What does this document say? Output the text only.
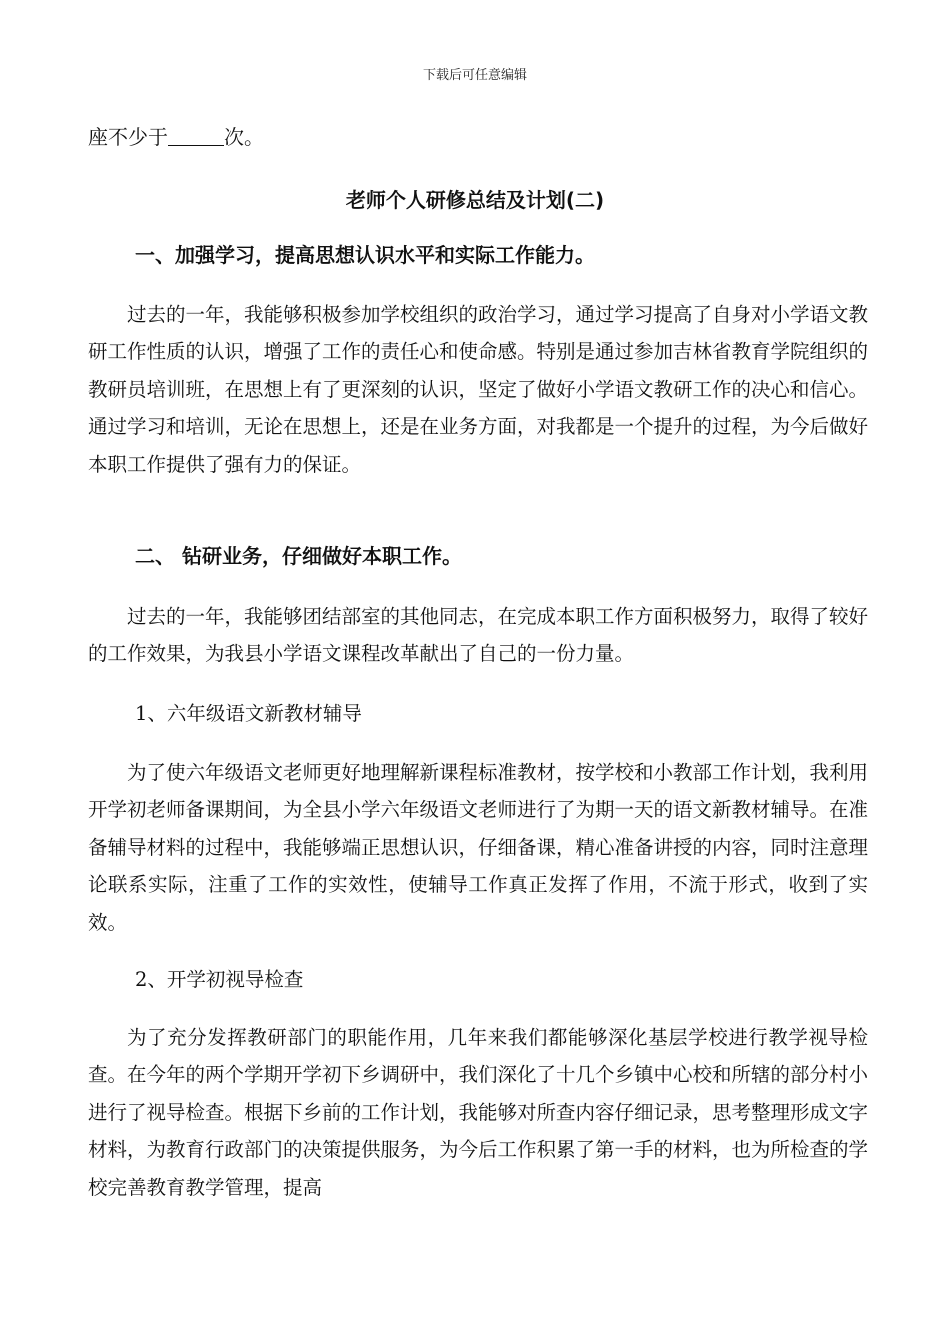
下载后可任意编辑
座不少于	次。
老师个人研修总结及计划(二)
一、加强学习，提高思想认识水平和实际工作能力。

过去的一年，我能够积极参加学校组织的政治学习，通过学习提高了自身对小学语文教研工作性质的认识，增强了工作的责任心和使命感。特别是通过参加吉林省教育学院组织的教研员培训班，在思想上有了更深刻的认识，坚定了做好小学语文教研工作的决心和信心。通过学习和培训，无论在思想上，还是在业务方面，对我都是一个提升的过程，为今后做好本职工作提供了强有力的保证。

二、 钻研业务，仔细做好本职工作。

过去的一年，我能够团结部室的其他同志，在完成本职工作方面积极努力，取得了较好的工作效果，为我县小学语文课程改革献出了自己的一份力量。

1、六年级语文新教材辅导

为了使六年级语文老师更好地理解新课程标准教材，按学校和小教部工作计划，我利用开学初老师备课期间，为全县小学六年级语文老师进行了为期一天的语文新教材辅导。在准备辅导材料的过程中，我能够端正思想认识，仔细备课，精心准备讲授的内容，同时注意理论联系实际，注重了工作的实效性，使辅导工作真正发挥了作用，不流于形式，收到了实效。

2、开学初视导检查

为了充分发挥教研部门的职能作用，几年来我们都能够深化基层学校进行教学视导检查。在今年的两个学期开学初下乡调研中，我们深化了十几个乡镇中心校和所辖的部分村小进行了视导检查。根据下乡前的工作计划，我能够对所查内容仔细记录，思考整理形成文字材料，为教育行政部门的决策提供服务，为今后工作积累了第一手的材料，也为所检查的学校完善教育教学管理，提高
